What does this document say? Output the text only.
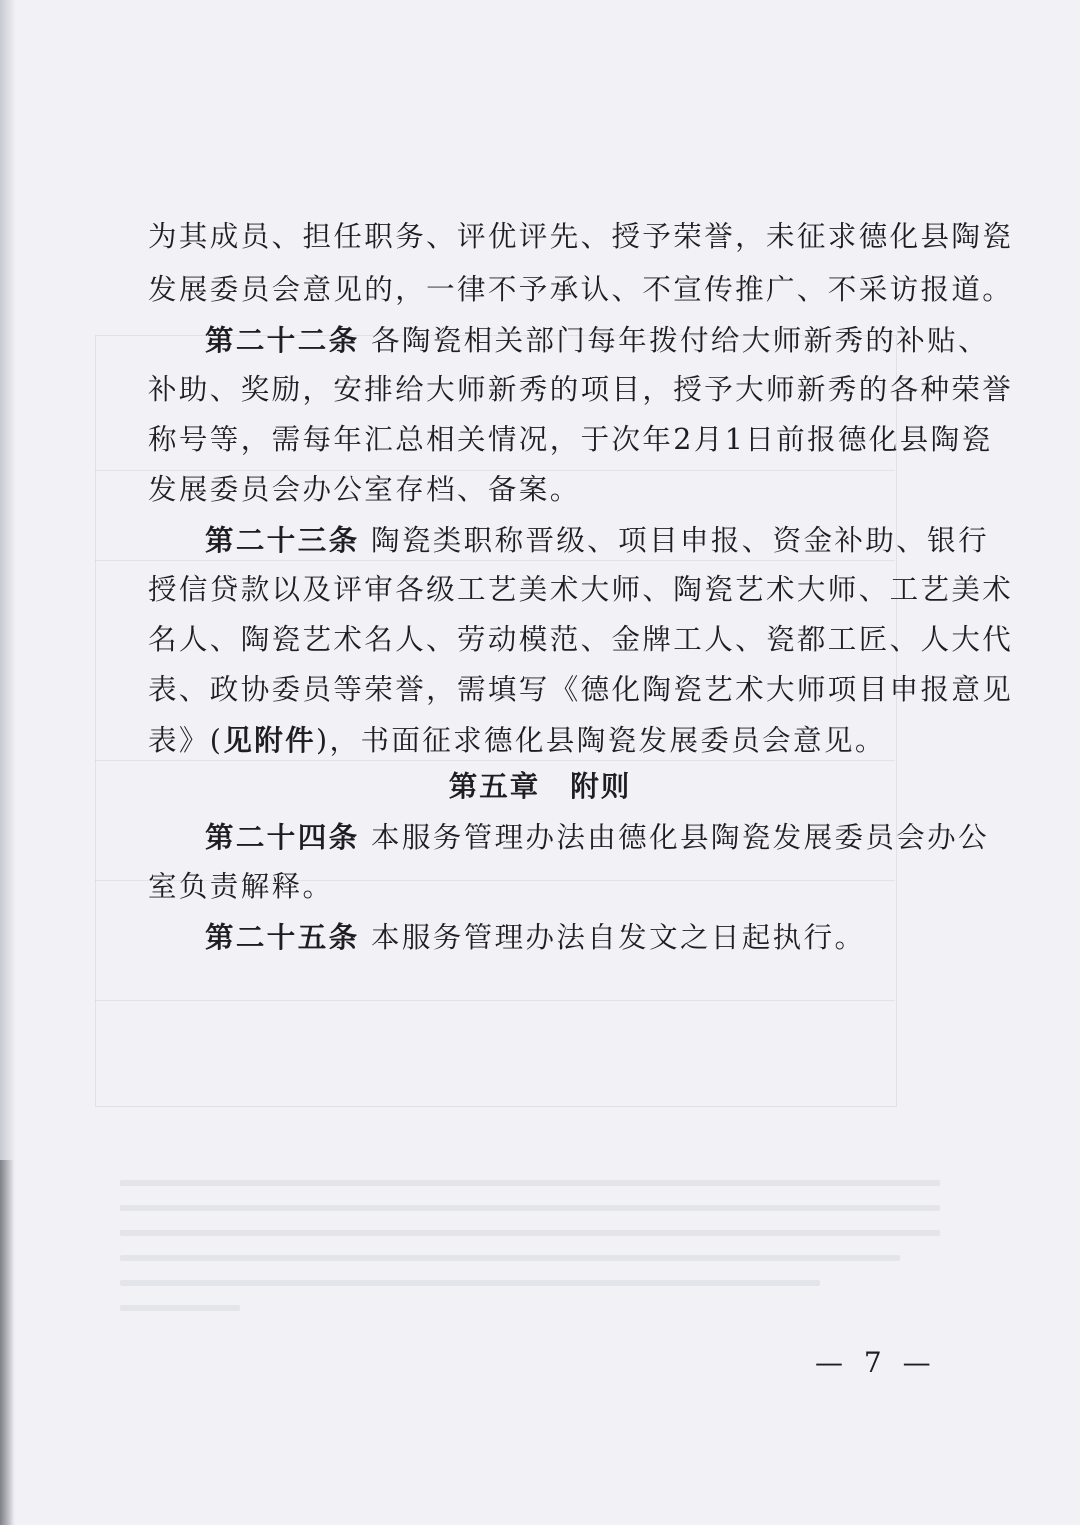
为其成员、担任职务、评优评先、授予荣誉，未征求德化县陶瓷
发展委员会意见的，一律不予承认、不宣传推广、不采访报道。
第二十二条 各陶瓷相关部门每年拨付给大师新秀的补贴、
补助、奖励，安排给大师新秀的项目，授予大师新秀的各种荣誉
称号等，需每年汇总相关情况，于次年2月1日前报德化县陶瓷
发展委员会办公室存档、备案。
第二十三条 陶瓷类职称晋级、项目申报、资金补助、银行
授信贷款以及评审各级工艺美术大师、陶瓷艺术大师、工艺美术
名人、陶瓷艺术名人、劳动模范、金牌工人、瓷都工匠、人大代
表、政协委员等荣誉，需填写《德化陶瓷艺术大师项目申报意见
表》(见附件)，书面征求德化县陶瓷发展委员会意见。
第五章 附则
第二十四条 本服务管理办法由德化县陶瓷发展委员会办公
室负责解释。
第二十五条 本服务管理办法自发文之日起执行。
— 7 —
